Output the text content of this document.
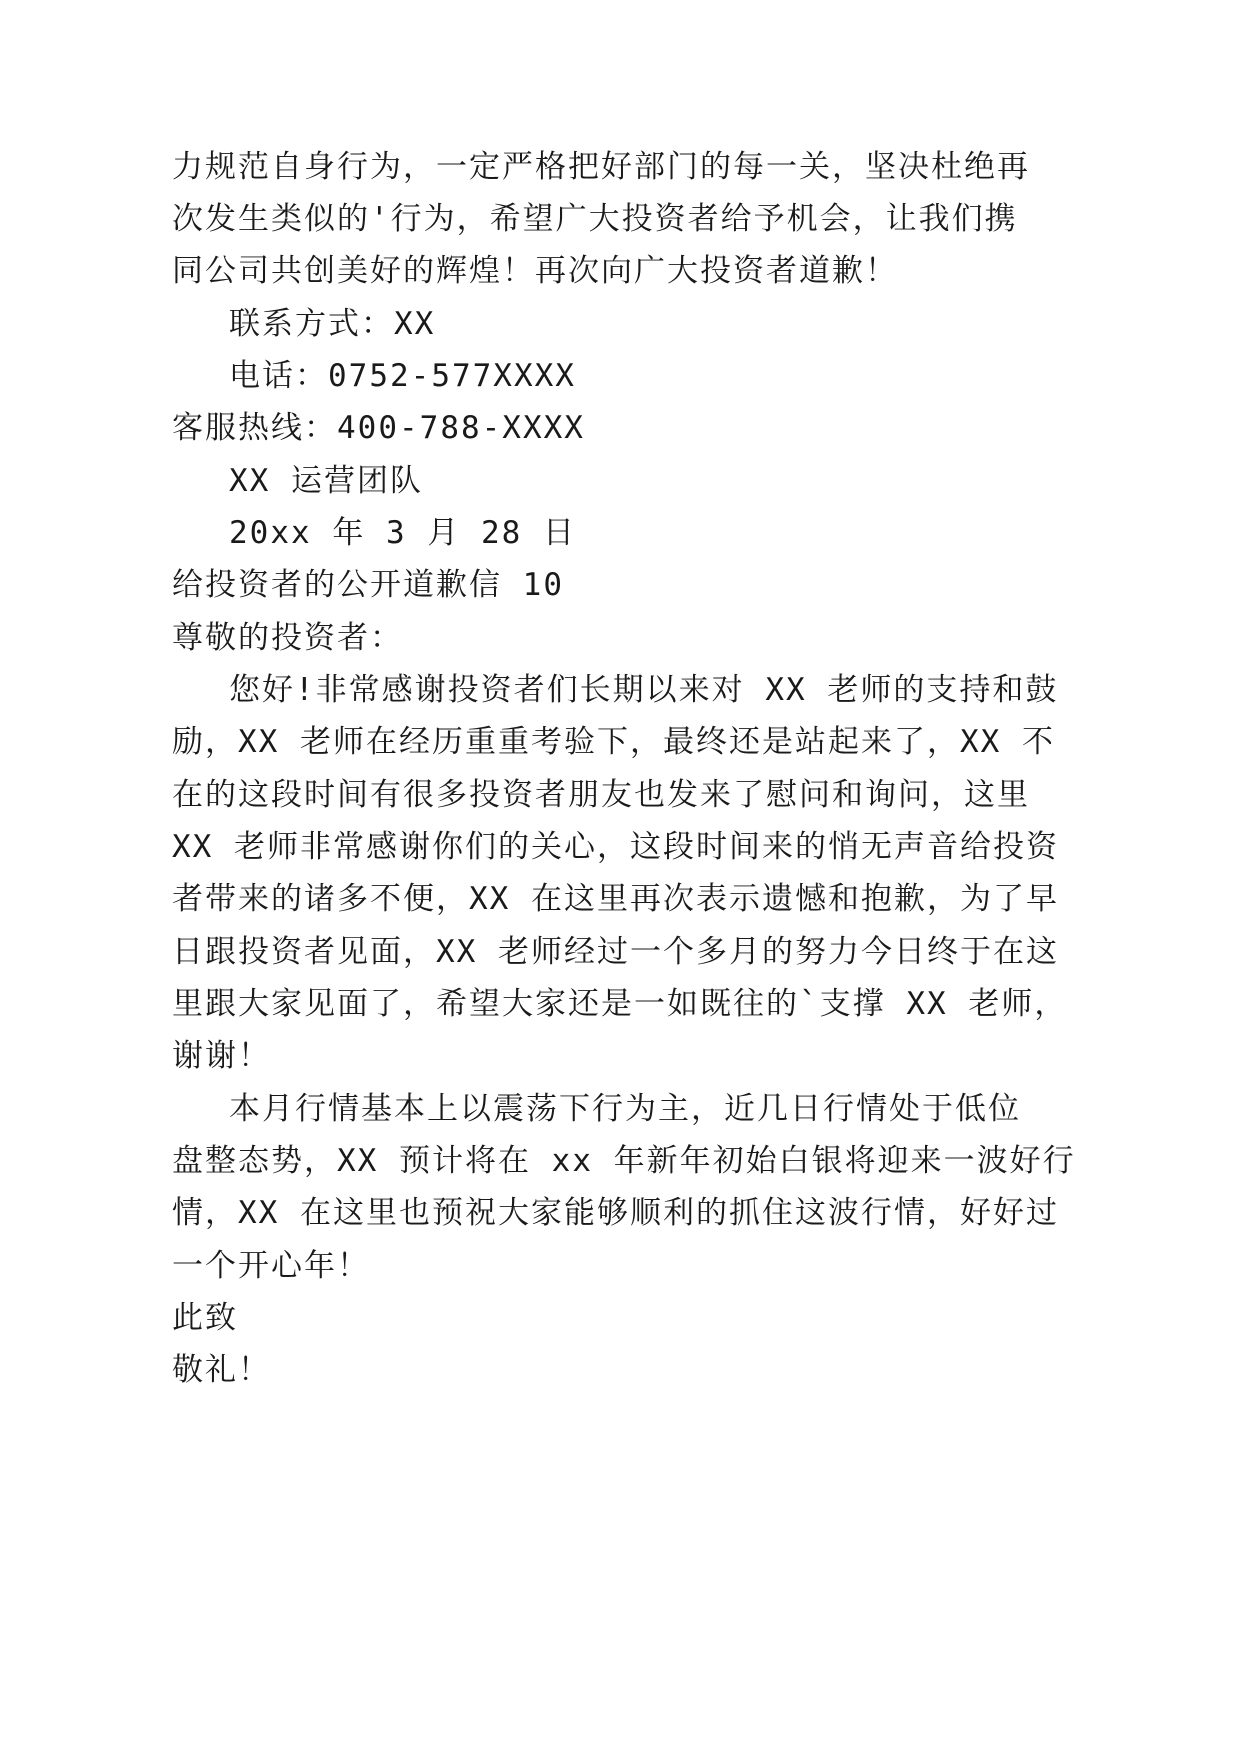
力规范自身行为，一定严格把好部门的每一关，坚决杜绝再
次发生类似的'行为，希望广大投资者给予机会，让我们携
同公司共创美好的辉煌！再次向广大投资者道歉！
联系方式：XX
电话：0752-577XXXX
客服热线：400-788-XXXX
XX 运营团队
20xx 年 3 月 28 日
给投资者的公开道歉信 10
尊敬的投资者：
您好!非常感谢投资者们长期以来对 XX 老师的支持和鼓
励，XX 老师在经历重重考验下，最终还是站起来了，XX 不
在的这段时间有很多投资者朋友也发来了慰问和询问，这里
XX 老师非常感谢你们的关心，这段时间来的悄无声音给投资
者带来的诸多不便，XX 在这里再次表示遗憾和抱歉，为了早
日跟投资者见面，XX 老师经过一个多月的努力今日终于在这
里跟大家见面了，希望大家还是一如既往的`支撑 XX 老师，
谢谢！
本月行情基本上以震荡下行为主，近几日行情处于低位
盘整态势，XX 预计将在 xx 年新年初始白银将迎来一波好行
情，XX 在这里也预祝大家能够顺利的抓住这波行情，好好过
一个开心年！
此致
敬礼！
